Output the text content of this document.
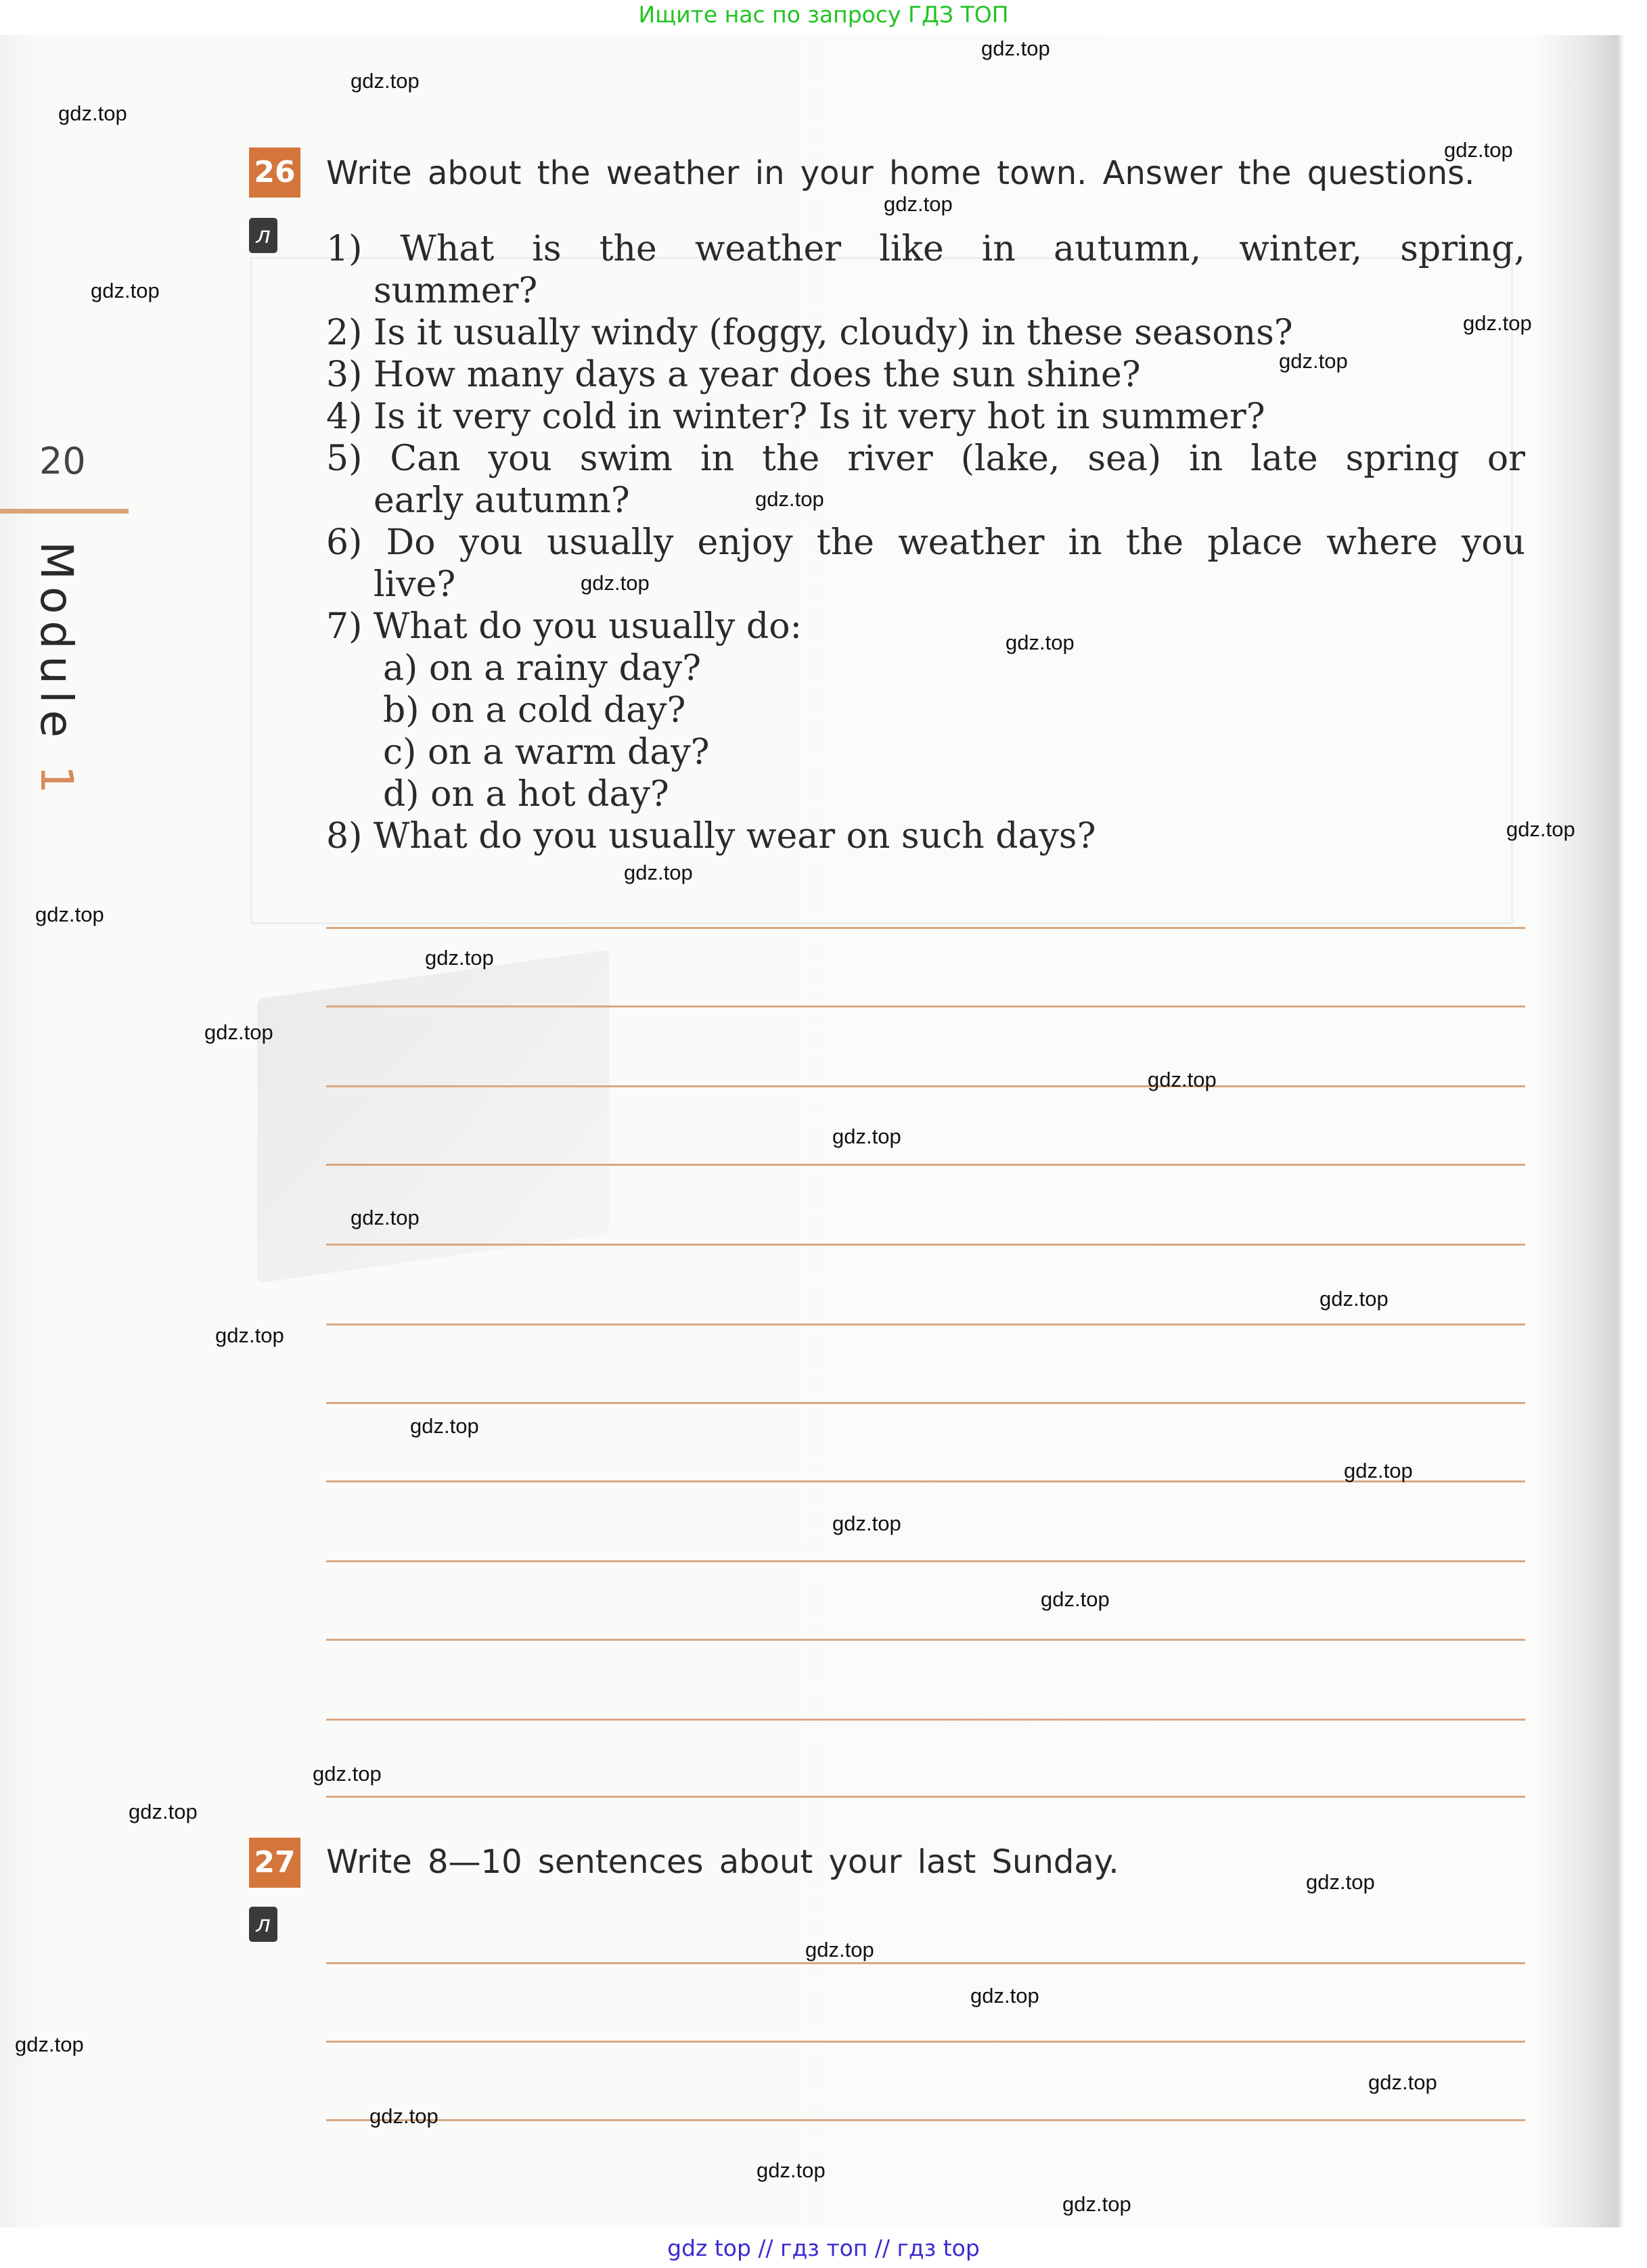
Ищите нас по запросу ГДЗ ТОП
20
Module 1
26
л
Write about the weather in your home town. Answer the questions.
1) What is the weather like in autumn, winter, spring,
summer?
2) Is it usually windy (foggy, cloudy) in these seasons?
3) How many days a year does the sun shine?
4) Is it very cold in winter? Is it very hot in summer?
5) Can you swim in the river (lake, sea) in late spring or
early autumn?
6) Do you usually enjoy the weather in the place where you
live?
7) What do you usually do:
a) on a rainy day?
b) on a cold day?
c) on a warm day?
d) on a hot day?
8) What do you usually wear on such days?
27
л
Write 8—10 sentences about your last Sunday.
gdz.top
gdz.top
gdz.top
gdz.top
gdz.top
gdz.top
gdz.top
gdz.top
gdz.top
gdz.top
gdz.top
gdz.top
gdz.top
gdz.top
gdz.top
gdz.top
gdz.top
gdz.top
gdz.top
gdz.top
gdz.top
gdz.top
gdz.top
gdz.top
gdz.top
gdz.top
gdz.top
gdz.top
gdz.top
gdz.top
gdz.top
gdz.top
gdz.top
gdz.top
gdz.top
gdz top // гдз топ // гдз top
